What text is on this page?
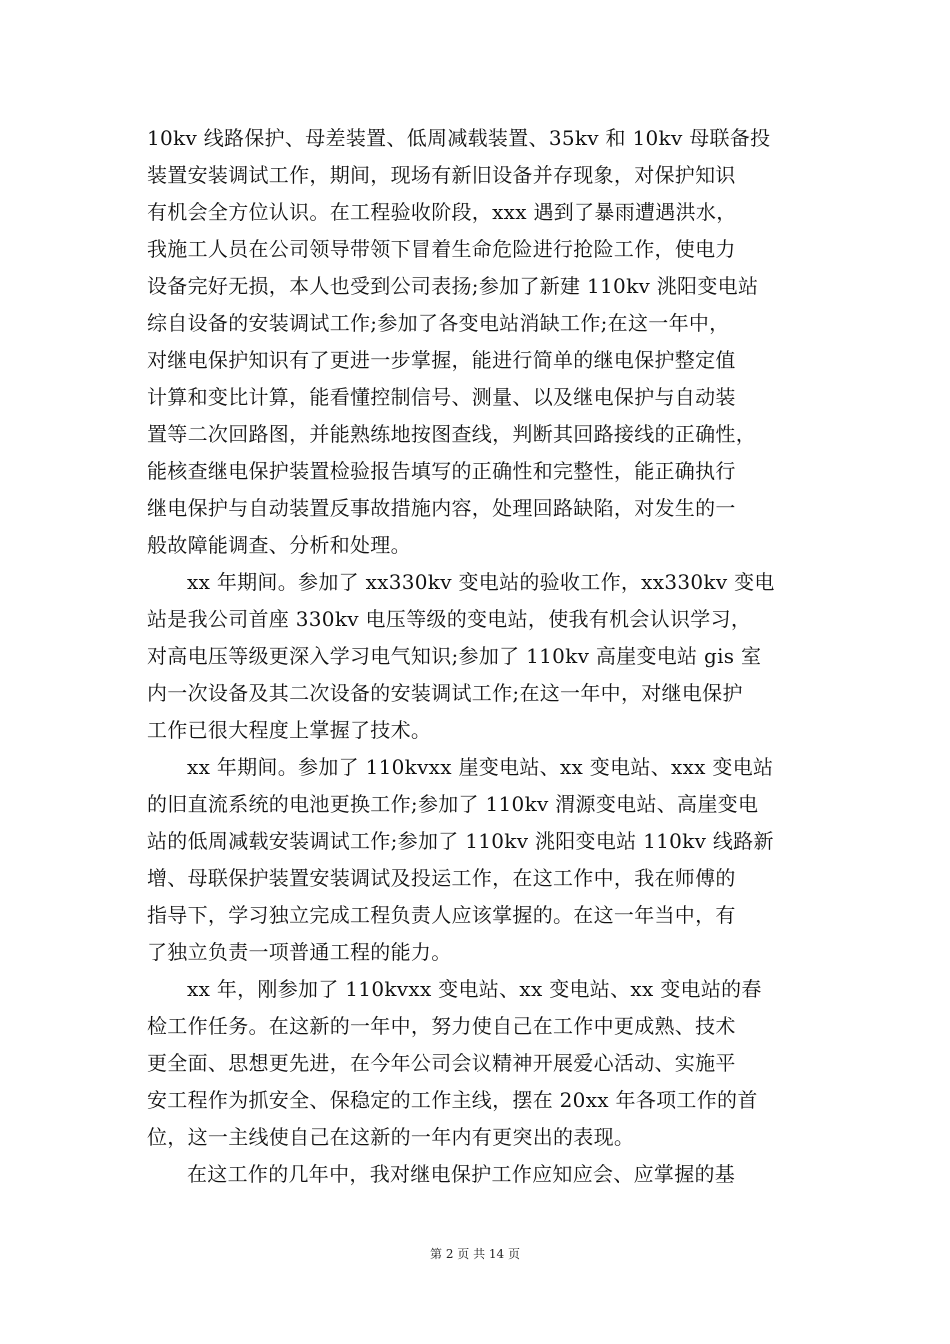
10kv 线路保护、母差装置、低周减载装置、35kv 和 10kv 母联备投
装置安装调试工作，期间，现场有新旧设备并存现象，对保护知识
有机会全方位认识。在工程验收阶段，xxx 遇到了暴雨遭遇洪水，
我施工人员在公司领导带领下冒着生命危险进行抢险工作，使电力
设备完好无损，本人也受到公司表扬;参加了新建 110kv 洮阳变电站
综自设备的安装调试工作;参加了各变电站消缺工作;在这一年中，
对继电保护知识有了更进一步掌握，能进行简单的继电保护整定值
计算和变比计算，能看懂控制信号、测量、以及继电保护与自动装
置等二次回路图，并能熟练地按图查线，判断其回路接线的正确性，
能核查继电保护装置检验报告填写的正确性和完整性，能正确执行
继电保护与自动装置反事故措施内容，处理回路缺陷，对发生的一
般故障能调查、分析和处理。
xx 年期间。参加了 xx330kv 变电站的验收工作，xx330kv 变电
站是我公司首座 330kv 电压等级的变电站，使我有机会认识学习，
对高电压等级更深入学习电气知识;参加了 110kv 高崖变电站 gis 室
内一次设备及其二次设备的安装调试工作;在这一年中，对继电保护
工作已很大程度上掌握了技术。
xx 年期间。参加了 110kvxx 崖变电站、xx 变电站、xxx 变电站
的旧直流系统的电池更换工作;参加了 110kv 渭源变电站、高崖变电
站的低周减载安装调试工作;参加了 110kv 洮阳变电站 110kv 线路新
增、母联保护装置安装调试及投运工作，在这工作中，我在师傅的
指导下，学习独立完成工程负责人应该掌握的。在这一年当中，有
了独立负责一项普通工程的能力。
xx 年，刚参加了 110kvxx 变电站、xx 变电站、xx 变电站的春
检工作任务。在这新的一年中，努力使自己在工作中更成熟、技术
更全面、思想更先进，在今年公司会议精神开展爱心活动、实施平
安工程作为抓安全、保稳定的工作主线，摆在 20xx 年各项工作的首
位，这一主线使自己在这新的一年内有更突出的表现。
在这工作的几年中，我对继电保护工作应知应会、应掌握的基
第 2 页 共 14 页
